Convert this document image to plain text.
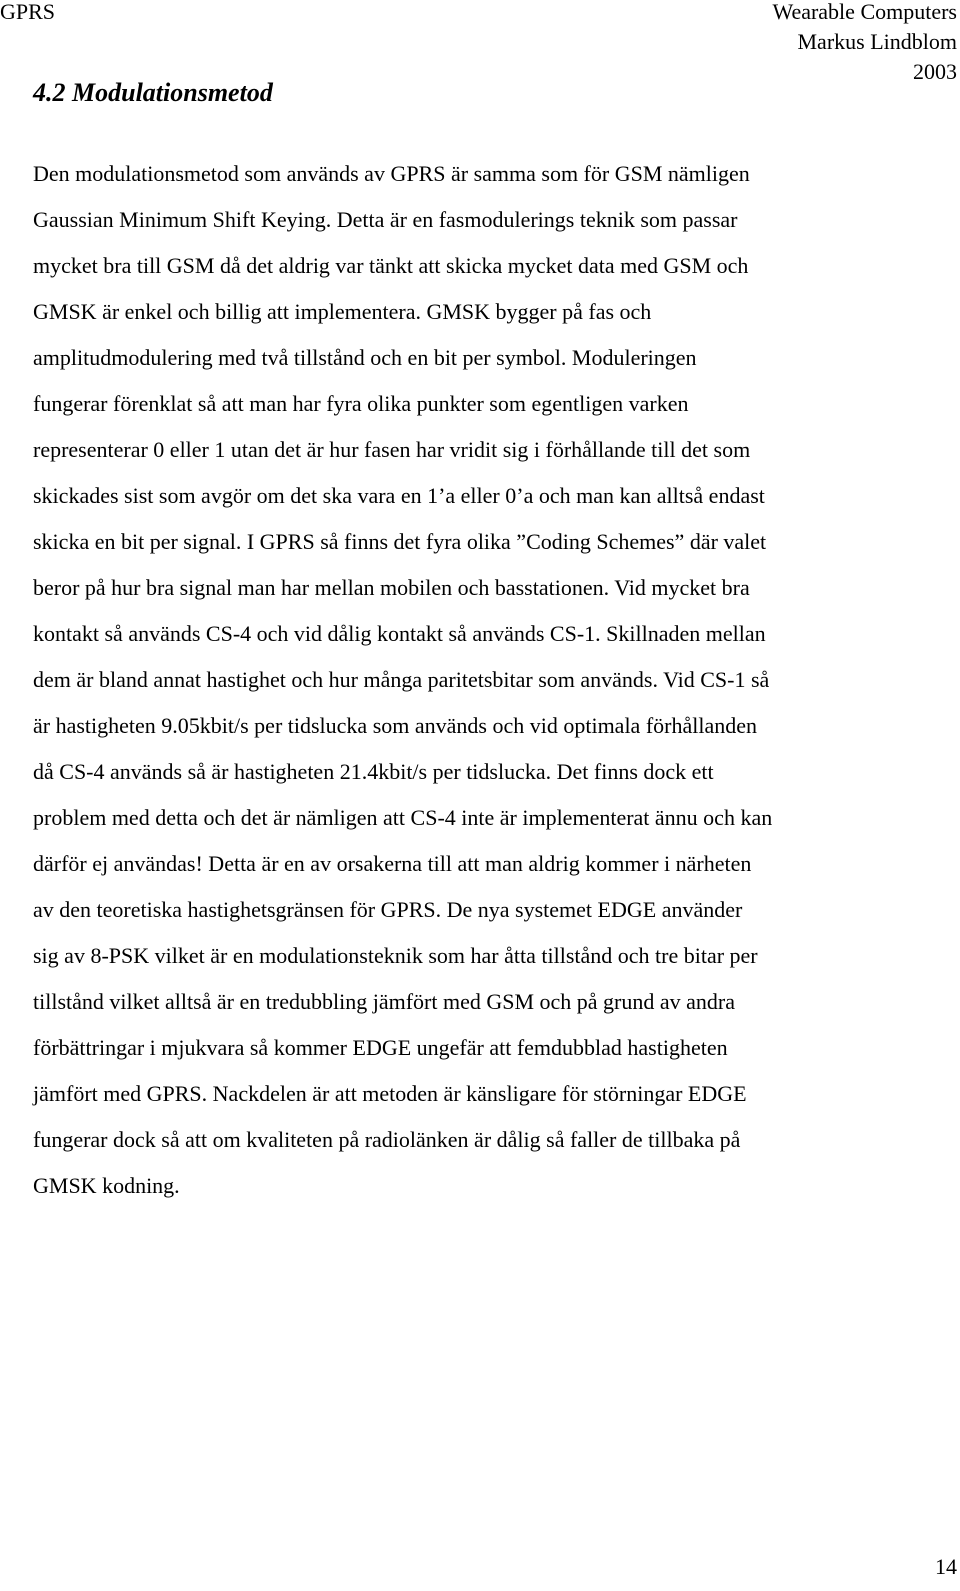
GPRS	Wearable Computers
Markus Lindblom
2003
4.2 Modulationsmetod

Den modulationsmetod som används av GPRS är samma som för GSM nämligen
Gaussian Minimum Shift Keying. Detta är en fasmodulerings teknik som passar
mycket bra till GSM då det aldrig var tänkt att skicka mycket data med GSM och
GMSK är enkel och billig att implementera. GMSK bygger på fas och
amplitudmodulering med två tillstånd och en bit per symbol. Moduleringen
fungerar förenklat så att man har fyra olika punkter som egentligen varken
representerar 0 eller 1 utan det är hur fasen har vridit sig i förhållande till det som
skickades sist som avgör om det ska vara en 1’a eller 0’a och man kan alltså endast
skicka en bit per signal. I GPRS så finns det fyra olika ”Coding Schemes” där valet
beror på hur bra signal man har mellan mobilen och basstationen. Vid mycket bra
kontakt så används CS-4 och vid dålig kontakt så används CS-1. Skillnaden mellan
dem är bland annat hastighet och hur många paritetsbitar som används. Vid CS-1 så
är hastigheten 9.05kbit/s per tidslucka som används och vid optimala förhållanden
då CS-4 används så är hastigheten 21.4kbit/s per tidslucka. Det finns dock ett
problem med detta och det är nämligen att CS-4 inte är implementerat ännu och kan
därför ej användas! Detta är en av orsakerna till att man aldrig kommer i närheten
av den teoretiska hastighetsgränsen för GPRS. De nya systemet EDGE använder
sig av 8-PSK vilket är en modulationsteknik som har åtta tillstånd och tre bitar per
tillstånd vilket alltså är en tredubbling jämfört med GSM och på grund av andra
förbättringar i mjukvara så kommer EDGE ungefär att femdubblad hastigheten
jämfört med GPRS. Nackdelen är att metoden är känsligare för störningar EDGE
fungerar dock så att om kvaliteten på radiolänken är dålig så faller de tillbaka på
GMSK kodning.

14
